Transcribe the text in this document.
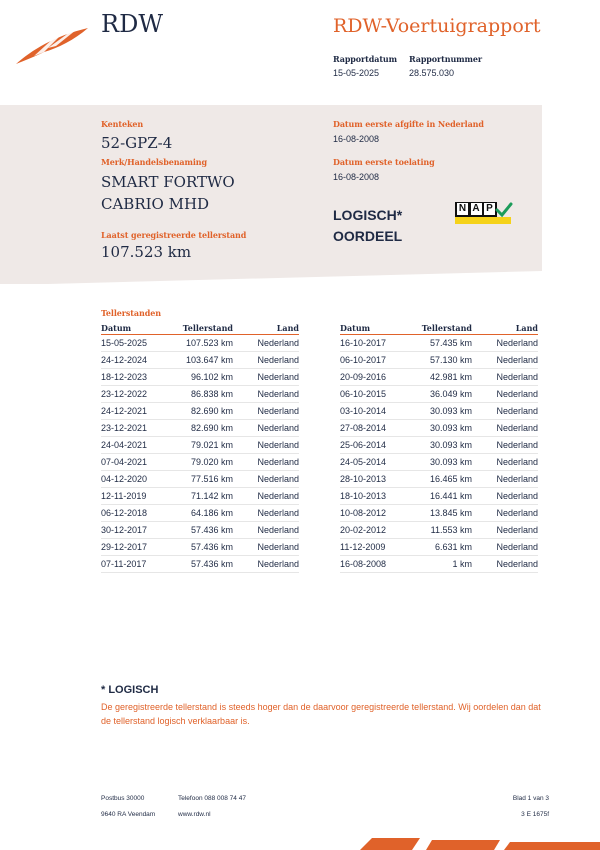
RDW	RDW-Voertuigrapport
Rapportdatum Rapportnummer
15-05-2025	28.575.030
Kenteken
52-GPZ-4
Merk/Handelsbenaming
SMART FORTWO
CABRIO MHD
Laatst geregistreerde tellerstand
107.523 km
Datum eerste afgifte in Nederland
16-08-2008
Datum eerste toelating
16-08-2008
LOGISCH*
OORDEEL
N A P
Tellerstanden
Datum	Tellerstand	Land
15-05-2025	107.523 km	Nederland
24-12-2024	103.647 km	Nederland
18-12-2023	96.102 km	Nederland
23-12-2022	86.838 km	Nederland
24-12-2021	82.690 km	Nederland
23-12-2021	82.690 km	Nederland
24-04-2021	79.021 km	Nederland
07-04-2021	79.020 km	Nederland
04-12-2020	77.516 km	Nederland
12-11-2019	71.142 km	Nederland
06-12-2018	64.186 km	Nederland
30-12-2017	57.436 km	Nederland
29-12-2017	57.436 km	Nederland
07-11-2017	57.436 km	Nederland
Datum	Tellerstand	Land
16-10-2017	57.435 km	Nederland
06-10-2017	57.130 km	Nederland
20-09-2016	42.981 km	Nederland
06-10-2015	36.049 km	Nederland
03-10-2014	30.093 km	Nederland
27-08-2014	30.093 km	Nederland
25-06-2014	30.093 km	Nederland
24-05-2014	30.093 km	Nederland
28-10-2013	16.465 km	Nederland
18-10-2013	16.441 km	Nederland
10-08-2012	13.845 km	Nederland
20-02-2012	11.553 km	Nederland
11-12-2009	6.631 km	Nederland
16-08-2008	1 km	Nederland
* LOGISCH
De geregistreerde tellerstand is steeds hoger dan de daarvoor geregistreerde tellerstand. Wij oordelen dan dat de tellerstand logisch verklaarbaar is.
Postbus 30000	Telefoon 088 008 74 47
9640 RA Veendam	www.rdw.nl
Blad 1 van 3
3 E 1675f
